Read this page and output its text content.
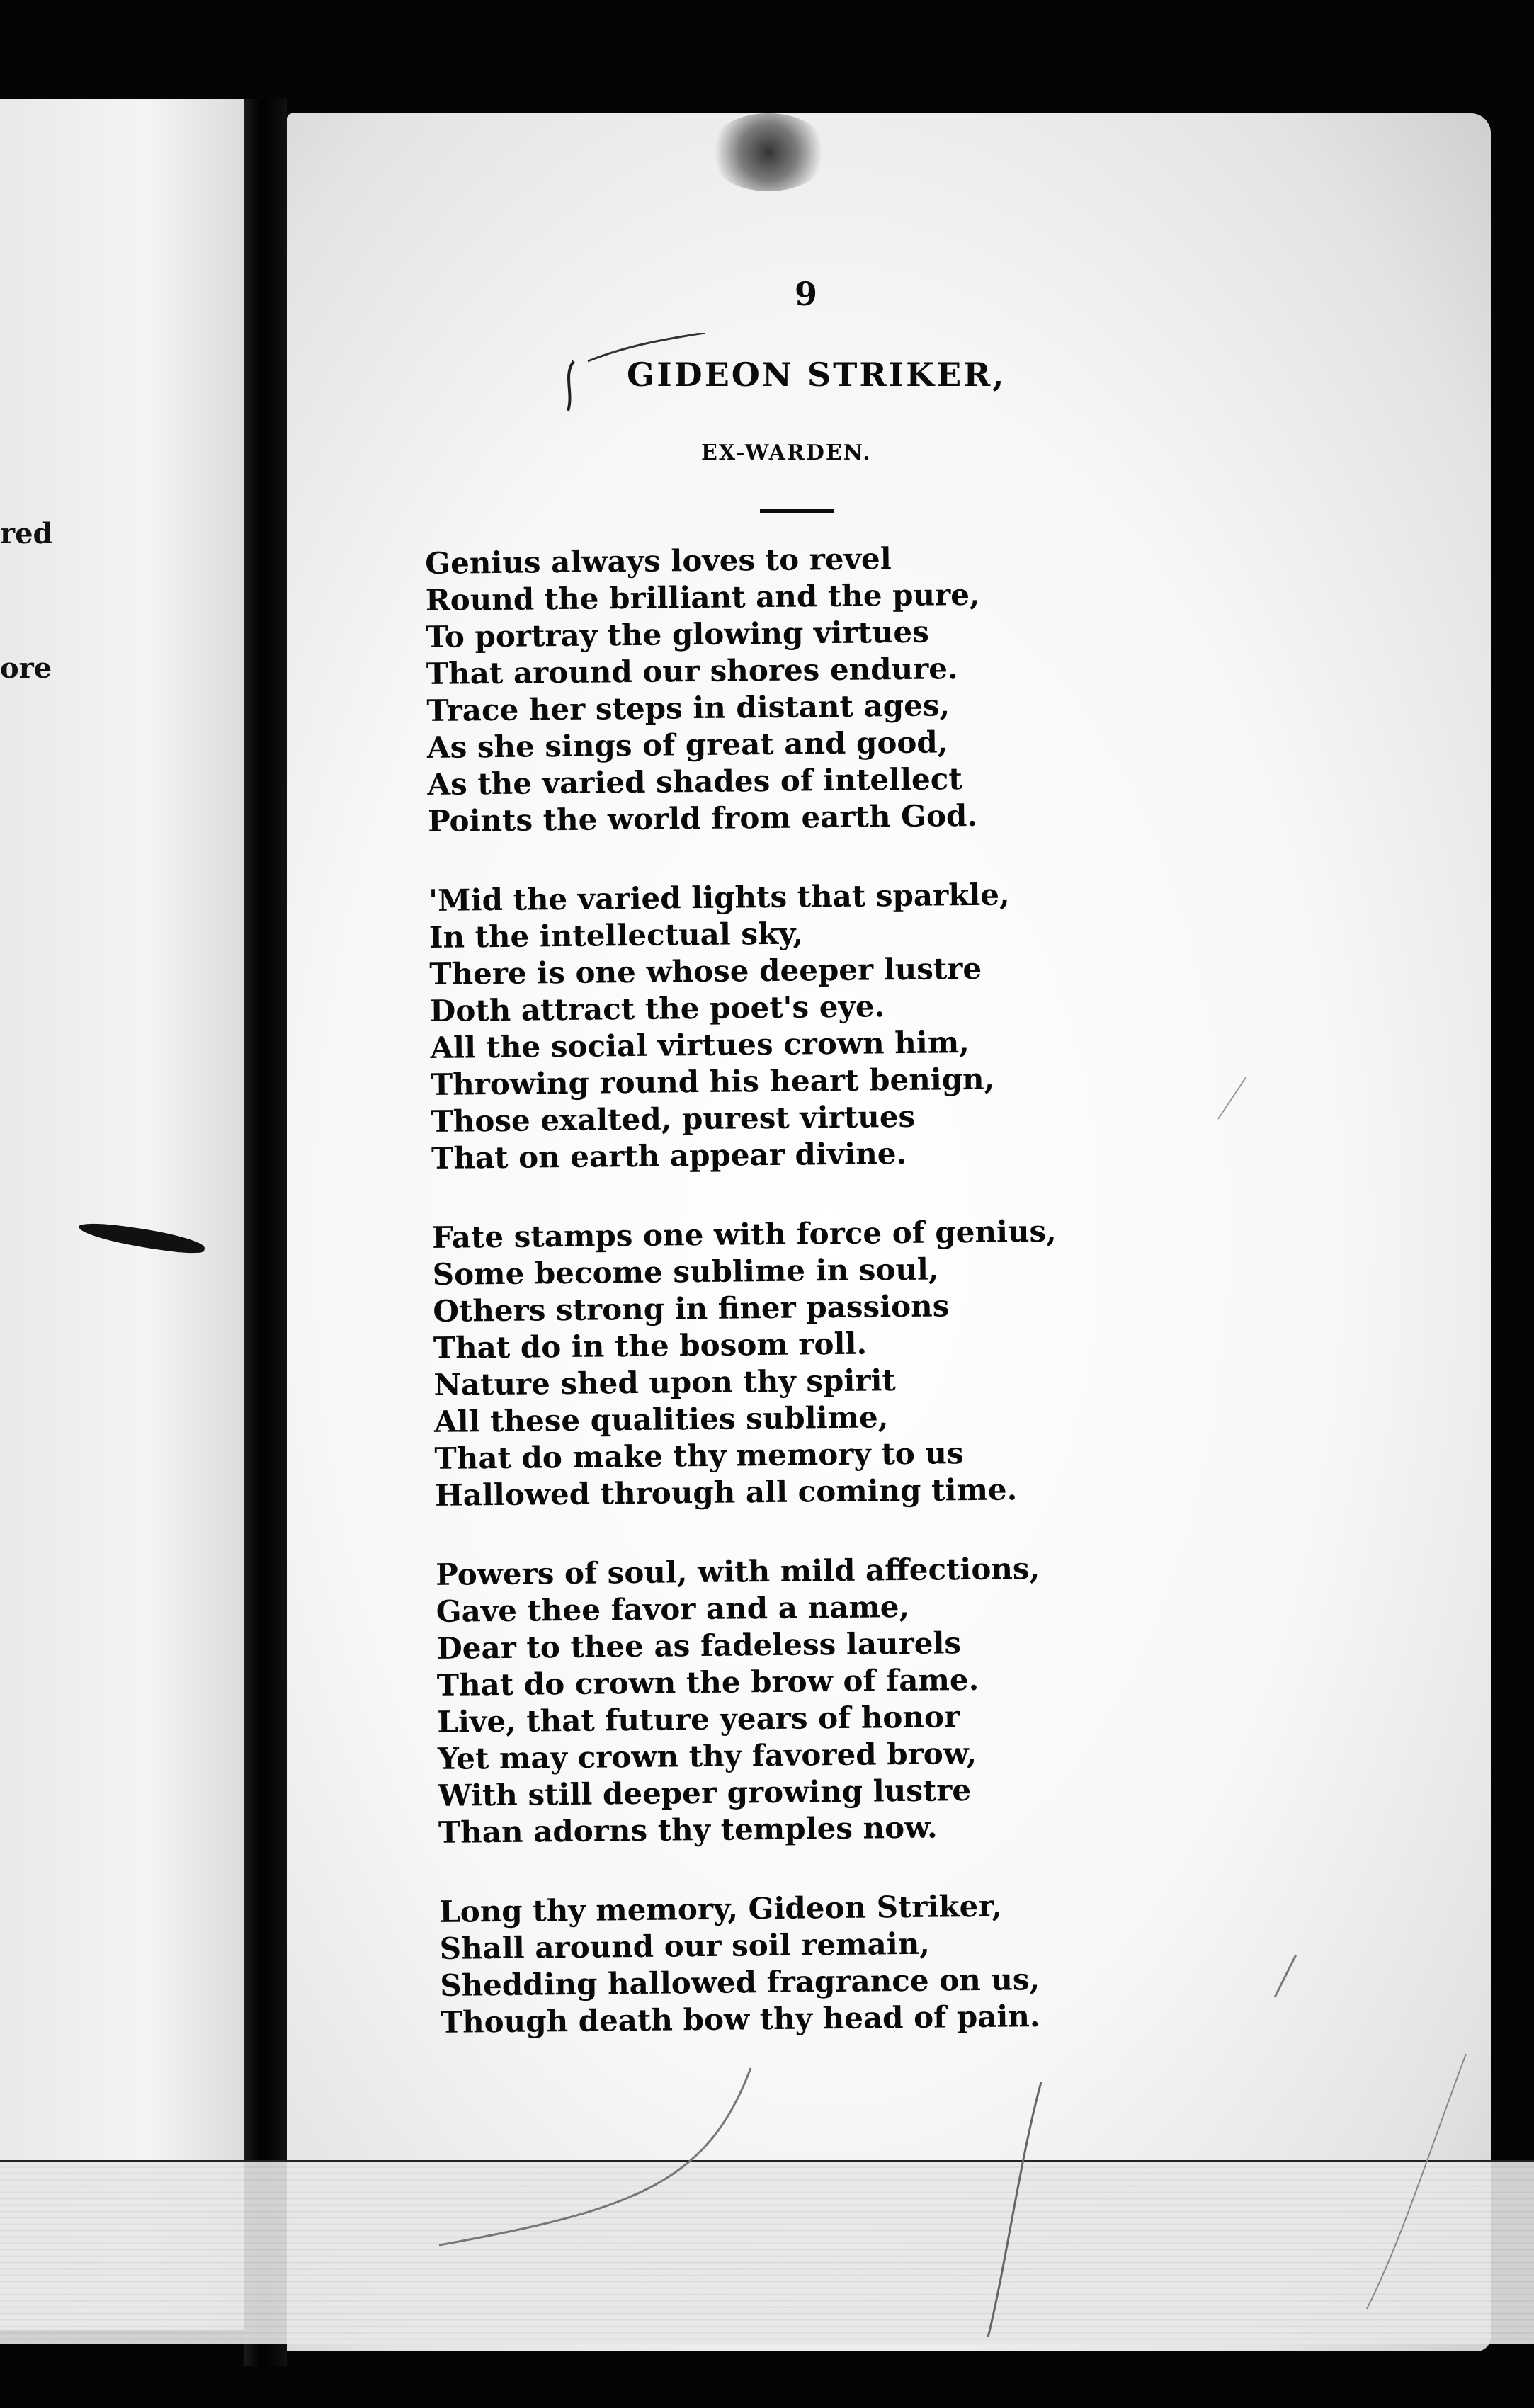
red
ore
9
GIDEON STRIKER,
EX-WARDEN.
Genius always loves to revel
Round the brilliant and the pure,
To portray the glowing virtues
That around our shores endure.
Trace her steps in distant ages,
As she sings of great and good,
As the varied shades of intellect
Points the world from earth God.
'Mid the varied lights that sparkle,
In the intellectual sky,
There is one whose deeper lustre
Doth attract the poet's eye.
All the social virtues crown him,
Throwing round his heart benign,
Those exalted, purest virtues
That on earth appear divine.
Fate stamps one with force of genius,
Some become sublime in soul,
Others strong in finer passions
That do in the bosom roll.
Nature shed upon thy spirit
All these qualities sublime,
That do make thy memory to us
Hallowed through all coming time.
Powers of soul, with mild affections,
Gave thee favor and a name,
Dear to thee as fadeless laurels
That do crown the brow of fame.
Live, that future years of honor
Yet may crown thy favored brow,
With still deeper growing lustre
Than adorns thy temples now.
Long thy memory, Gideon Striker,
Shall around our soil remain,
Shedding hallowed fragrance on us,
Though death bow thy head of pain.
